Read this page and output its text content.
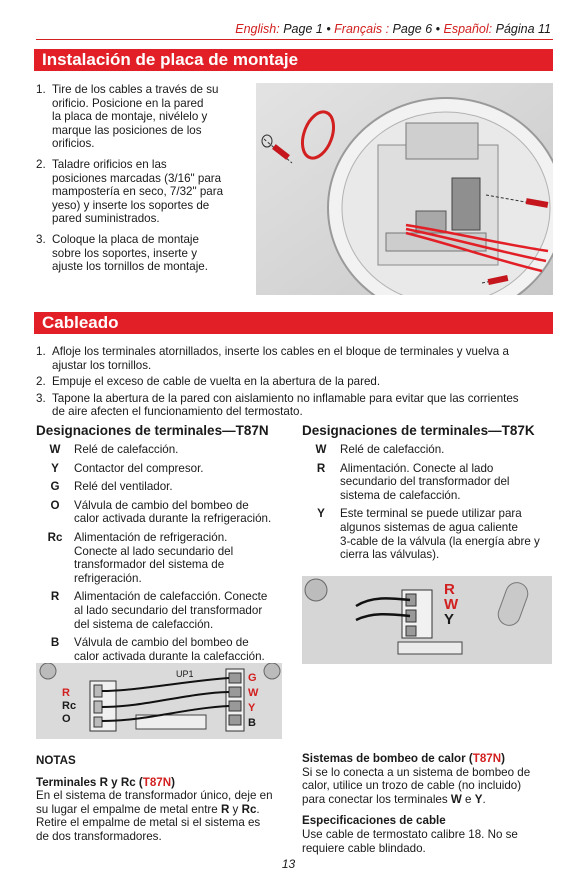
English: Page 1 • Français : Page 6 • Español: Página 11
Instalación de placa de montaje
1. Tire de los cables a través de su
orificio. Posicione en la pared
la placa de montaje, nivélelo y
marque las posiciones de los
orificios.
2. Taladre orificios en las
posiciones marcadas (3/16" para
mampostería en seco, 7/32" para
yeso) y inserte los soportes de
pared suministrados.
3. Coloque la placa de montaje
sobre los soportes, inserte y
ajuste los tornillos de montaje.
Cableado
1. Afloje los terminales atornillados, inserte los cables en el bloque de terminales y vuelva a
ajustar los tornillos.
2. Empuje el exceso de cable de vuelta en la abertura de la pared.
3. Tapone la abertura de la pared con aislamiento no inflamable para evitar que las corrientes
de aire afecten el funcionamiento del termostato.
Designaciones de terminales—T87N
W	Relé de calefacción.
Y	Contactor del compresor.
G	Relé del ventilador.
O	Válvula de cambio del bombeo de
calor activada durante la refrigeración.
Rc Alimentación de refrigeración.
Conecte al lado secundario del
transformador del sistema de
refrigeración.
R	Alimentación de calefacción. Conecte
al lado secundario del transformador
del sistema de calefacción.
B	Válvula de cambio del bombeo de
calor activada durante la calefacción.
R
Rc
O
G
W
Y
B
UP1
Designaciones de terminales—T87K
W	Relé de calefacción.
R	Alimentación. Conecte al lado
secundario del transformador del
sistema de calefacción.
Y	Este terminal se puede utilizar para
algunos sistemas de agua caliente
3-cable de la válvula (la energía abre y
cierra las válvulas).
R
W
Y
NOTAS
Terminales R y Rc (T87N)
En el sistema de transformador único, deje en
su lugar el empalme de metal entre R y Rc.
Retire el empalme de metal si el sistema es
de dos transformadores.
Sistemas de bombeo de calor (T87N)
Si se lo conecta a un sistema de bombeo de
calor, utilice un trozo de cable (no incluido)
para conectar los terminales W e Y.
Especificaciones de cable
Use cable de termostato calibre 18. No se
requiere cable blindado.
13
